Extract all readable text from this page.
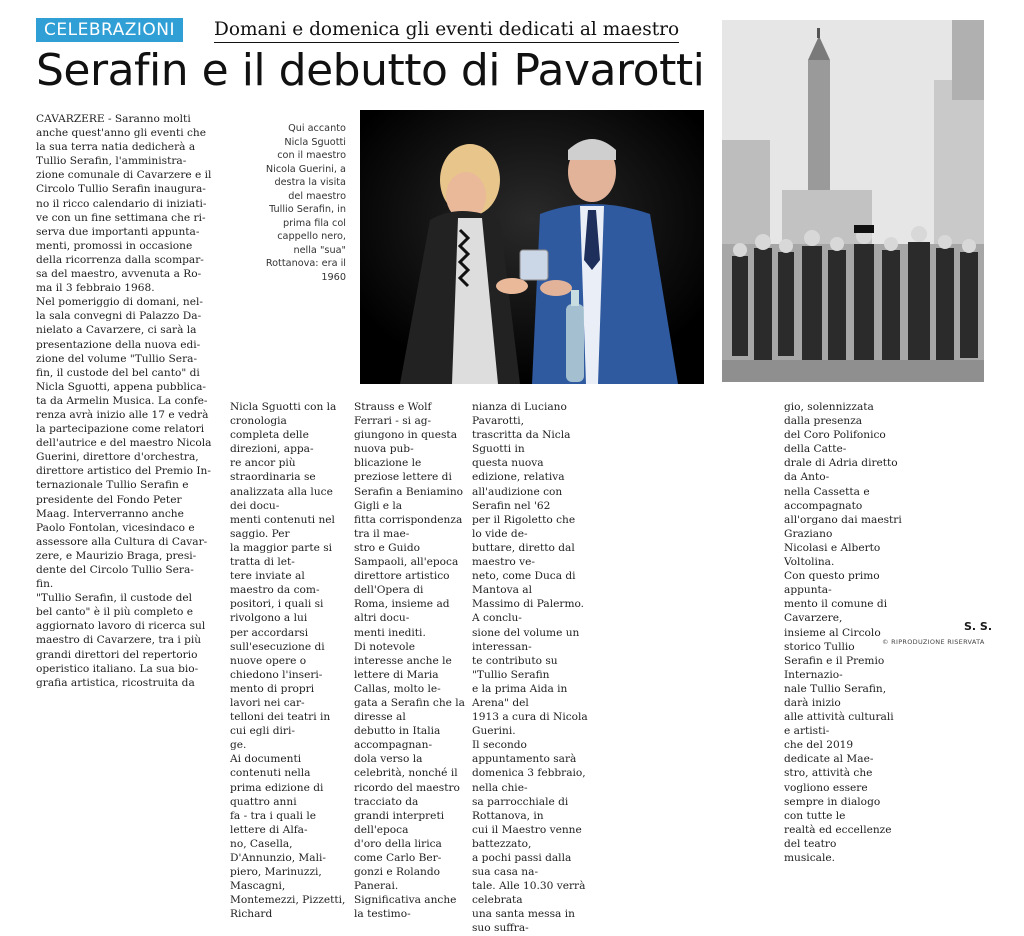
CELEBRAZIONI	Domani e domenica gli eventi dedicati al maestro
Serafin e il debutto di Pavarotti

CAVARZERE - Saranno molti
anche quest'anno gli eventi che
la sua terra natia dedicherà a
Tullio Serafin, l'amministra-
zione comunale di Cavarzere e il
Circolo Tullio Serafin inaugura-
no il ricco calendario di iniziati-
ve con un fine settimana che ri-
serva due importanti appunta-
menti, promossi in occasione
della ricorrenza dalla scompar-
sa del maestro, avvenuta a Ro-
ma il 3 febbraio 1968.
Nel pomeriggio di domani, nel-
la sala convegni di Palazzo Da-
nielato a Cavarzere, ci sarà la
presentazione della nuova edi-
zione del volume "Tullio Sera-
fin, il custode del bel canto" di
Nicla Sguotti, appena pubblica-
ta da Armelin Musica. La confe-
renza avrà inizio alle 17 e vedrà
la partecipazione come relatori
dell'autrice e del maestro Nicola
Guerini, direttore d'orchestra,
direttore artistico del Premio In-
ternazionale Tullio Serafin e
presidente del Fondo Peter
Maag. Interverranno anche
Paolo Fontolan, vicesindaco e
assessore alla Cultura di Cavar-
zere, e Maurizio Braga, presi-
dente del Circolo Tullio Sera-
fin.
"Tullio Serafin, il custode del
bel canto" è il più completo e
aggiornato lavoro di ricerca sul
maestro di Cavarzere, tra i più
grandi direttori del repertorio
operistico italiano. La sua bio-
grafia artistica, ricostruita da

Qui accanto
Nicla Sguotti
con il maestro
Nicola Guerini, a
destra la visita
del maestro
Tullio Serafin, in
prima fila col
cappello nero,
nella "sua"
Rottanova: era il
1960

Nicla Sguotti con la cronologia
completa delle direzioni, appa-
re ancor più straordinaria se
analizzata alla luce dei docu-
menti contenuti nel saggio. Per
la maggior parte si tratta di let-
tere inviate al maestro da com-
positori, i quali si rivolgono a lui
per accordarsi sull'esecuzione di
nuove opere o chiedono l'inseri-
mento di propri lavori nei car-
telloni dei teatri in cui egli diri-
ge.
Ai documenti contenuti nella
prima edizione di quattro anni
fa - tra i quali le lettere di Alfa-
no, Casella, D'Annunzio, Mali-
piero, Marinuzzi, Mascagni,
Montemezzi, Pizzetti, Richard

Strauss e Wolf Ferrari - si ag-
giungono in questa nuova pub-
blicazione le preziose lettere di
Serafin a Beniamino Gigli e la
fitta corrispondenza tra il mae-
stro e Guido Sampaoli, all'epoca
direttore artistico dell'Opera di
Roma, insieme ad altri docu-
menti inediti.
Di notevole interesse anche le
lettere di Maria Callas, molto le-
gata a Serafin che la diresse al
debutto in Italia accompagnan-
dola verso la celebrità, nonché il
ricordo del maestro tracciato da
grandi interpreti dell'epoca
d'oro della lirica come Carlo Ber-
gonzi e Rolando Panerai.
Significativa anche la testimo-

nianza di Luciano Pavarotti,
trascritta da Nicla Sguotti in
questa nuova edizione, relativa
all'audizione con Serafin nel '62
per il Rigoletto che lo vide de-
buttare, diretto dal maestro ve-
neto, come Duca di Mantova al
Massimo di Palermo. A conclu-
sione del volume un interessan-
te contributo su "Tullio Serafin
e la prima Aida in Arena" del
1913 a cura di Nicola Guerini.
Il secondo appuntamento sarà
domenica 3 febbraio, nella chie-
sa parrocchiale di Rottanova, in
cui il Maestro venne battezzato,
a pochi passi dalla sua casa na-
tale. Alle 10.30 verrà celebrata
una santa messa in suo suffra-

gio, solennizzata dalla presenza
del Coro Polifonico della Catte-
drale di Adria diretto da Anto-
nella Cassetta e accompagnato
all'organo dai maestri Graziano
Nicolasi e Alberto Voltolina.
Con questo primo appunta-
mento il comune di Cavarzere,
insieme al Circolo storico Tullio
Serafin e il Premio Internazio-
nale Tullio Serafin, darà inizio
alle attività culturali e artisti-
che del 2019 dedicate al Mae-
stro, attività che vogliono essere
sempre in dialogo con tutte le
realtà ed eccellenze del teatro
musicale.

S. S.
© RIPRODUZIONE RISERVATA
